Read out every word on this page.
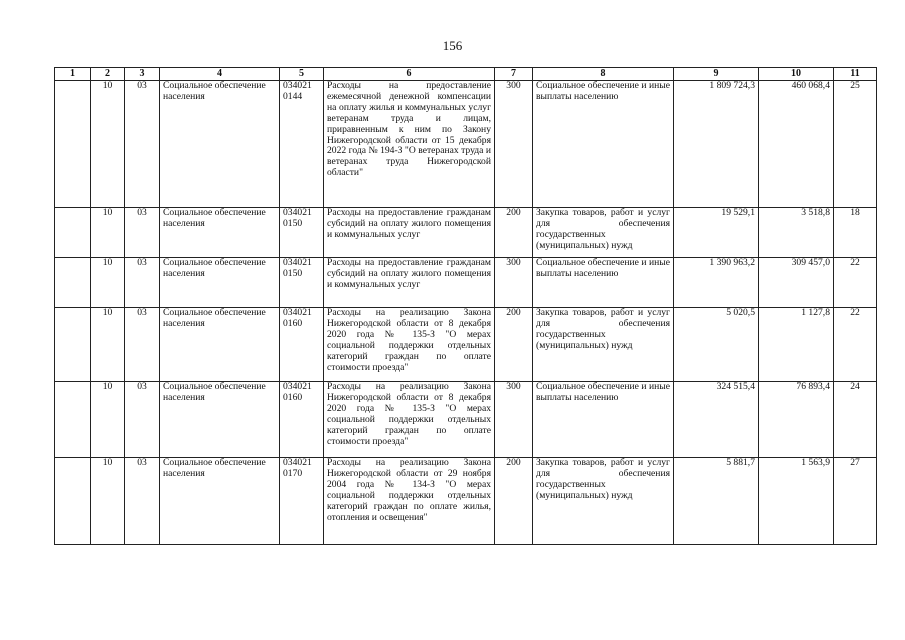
156
1	2	3	4	5	6	7	8	9	10	11
	10	03	Социальное обеспечение населения	034021 0144	Расходы на предоставление ежемесячной денежной компенсации на оплату жилья и коммунальных услуг ветеранам труда и лицам, приравненным к ним по Закону Нижегородской области от 15 декабря 2022 года № 194-З "О ветеранах труда и ветеранах труда Нижегородской области"	300	Социальное обеспечение и иные выплаты населению	1 809 724,3	460 068,4	25
	10	03	Социальное обеспечение населения	034021 0150	Расходы на предоставление гражданам субсидий на оплату жилого помещения и коммунальных услуг	200	Закупка товаров, работ и услуг для обеспечения государственных (муниципальных) нужд	19 529,1	3 518,8	18
	10	03	Социальное обеспечение населения	034021 0150	Расходы на предоставление гражданам субсидий на оплату жилого помещения и коммунальных услуг	300	Социальное обеспечение и иные выплаты населению	1 390 963,2	309 457,0	22
	10	03	Социальное обеспечение населения	034021 0160	Расходы на реализацию Закона Нижегородской области от 8 декабря 2020 года № 135-З "О мерах социальной поддержки отдельных категорий граждан по оплате стоимости проезда"	200	Закупка товаров, работ и услуг для обеспечения государственных (муниципальных) нужд	5 020,5	1 127,8	22
	10	03	Социальное обеспечение населения	034021 0160	Расходы на реализацию Закона Нижегородской области от 8 декабря 2020 года № 135-З "О мерах социальной поддержки отдельных категорий граждан по оплате стоимости проезда"	300	Социальное обеспечение и иные выплаты населению	324 515,4	76 893,4	24
	10	03	Социальное обеспечение населения	034021 0170	Расходы на реализацию Закона Нижегородской области от 29 ноября 2004 года № 134-З "О мерах социальной поддержки отдельных категорий граждан по оплате жилья, отопления и освещения"	200	Закупка товаров, работ и услуг для обеспечения государственных (муниципальных) нужд	5 881,7	1 563,9	27
